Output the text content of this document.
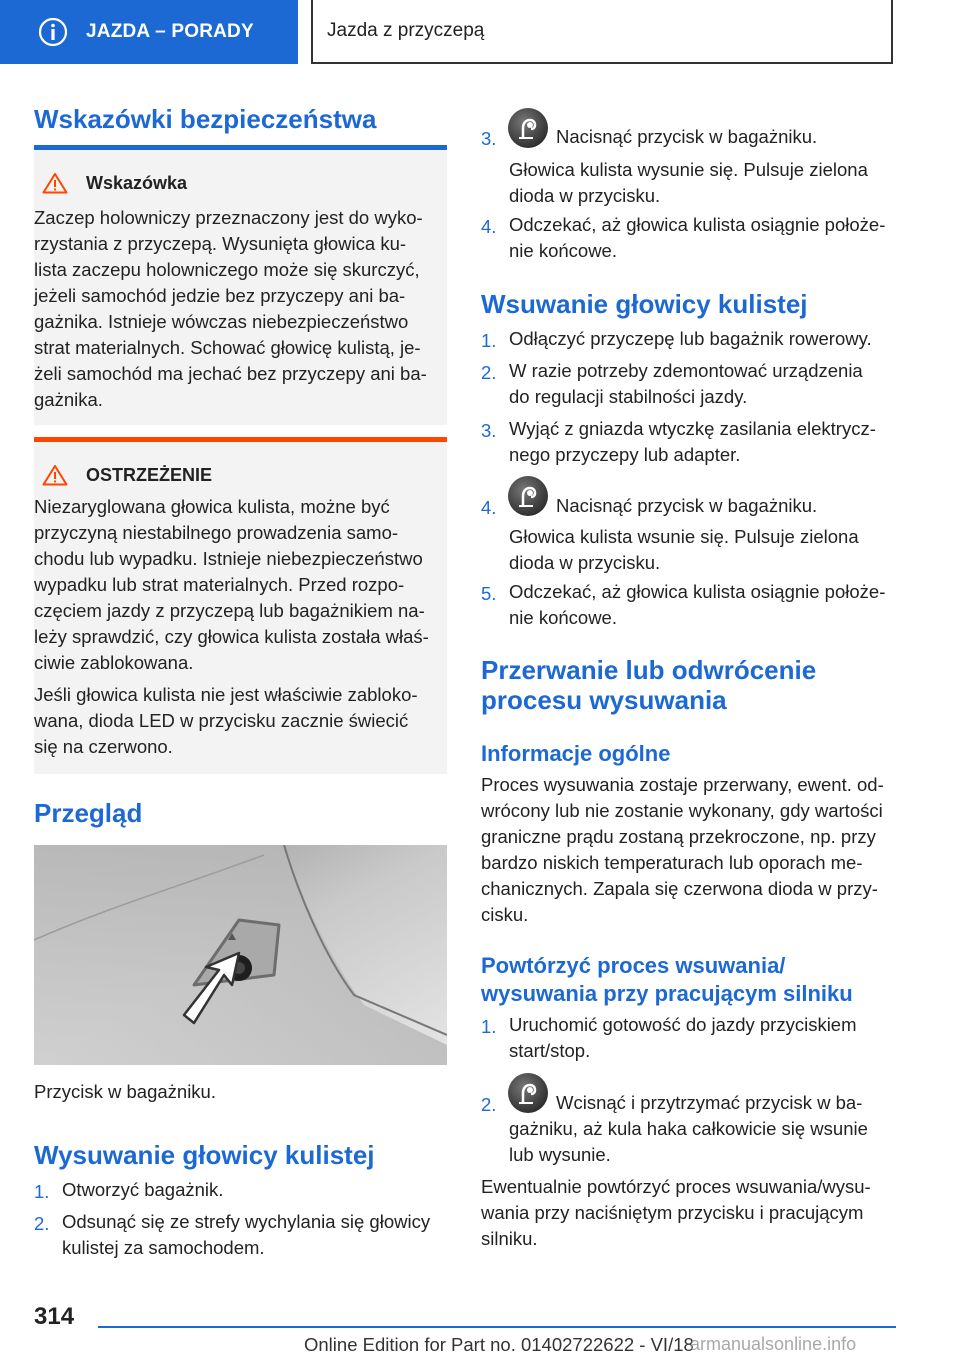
JAZDA – PORADY	Jazda z przyczepą
Wskazówki bezpieczeństwa
Wskazówka
Zaczep holowniczy przeznaczony jest do wyko-
rzystania z przyczepą. Wysunięta głowica ku-
lista zaczepu holowniczego może się skurczyć,
jeżeli samochód jedzie bez przyczepy ani ba-
gażnika. Istnieje wówczas niebezpieczeństwo
strat materialnych. Schować głowicę kulistą, je-
żeli samochód ma jechać bez przyczepy ani ba-
gażnika.
OSTRZEŻENIE
Niezaryglowana głowica kulista, możne być
przyczyną niestabilnego prowadzenia samo-
chodu lub wypadku. Istnieje niebezpieczeństwo
wypadku lub strat materialnych. Przed rozpo-
częciem jazdy z przyczepą lub bagażnikiem na-
leży sprawdzić, czy głowica kulista została właś-
ciwie zablokowana.
Jeśli głowica kulista nie jest właściwie zabloko-
wana, dioda LED w przycisku zacznie świecić
się na czerwono.
Przegląd
Przycisk w bagażniku.
Wysuwanie głowicy kulistej
1. Otworzyć bagażnik.
2. Odsunąć się ze strefy wychylania się głowicy
kulistej za samochodem.
3.	Nacisnąć przycisk w bagażniku.
Głowica kulista wysunie się. Pulsuje zielona
dioda w przycisku.
4. Odczekać, aż głowica kulista osiągnie położe-
nie końcowe.
Wsuwanie głowicy kulistej
1. Odłączyć przyczepę lub bagażnik rowerowy.
2. W razie potrzeby zdemontować urządzenia
do regulacji stabilności jazdy.
3. Wyjąć z gniazda wtyczkę zasilania elektrycz-
nego przyczepy lub adapter.
4.	Nacisnąć przycisk w bagażniku.
Głowica kulista wsunie się. Pulsuje zielona
dioda w przycisku.
5. Odczekać, aż głowica kulista osiągnie położe-
nie końcowe.
Przerwanie lub odwrócenie
procesu wysuwania
Informacje ogólne
Proces wysuwania zostaje przerwany, ewent. od-
wrócony lub nie zostanie wykonany, gdy wartości
graniczne prądu zostaną przekroczone, np. przy
bardzo niskich temperaturach lub oporach me-
chanicznych. Zapala się czerwona dioda w przy-
cisku.
Powtórzyć proces wsuwania/
wysuwania przy pracującym silniku
1. Uruchomić gotowość do jazdy przyciskiem
start/stop.
2.	Wcisnąć i przytrzymać przycisk w ba-
gażniku, aż kula haka całkowicie się wsunie
lub wysunie.
Ewentualnie powtórzyć proces wsuwania/wysu-
wania przy naciśniętym przycisku i pracującym
silniku.
314
Online Edition for Part no. 01402722622 - VI/18
armanualsonline.info
